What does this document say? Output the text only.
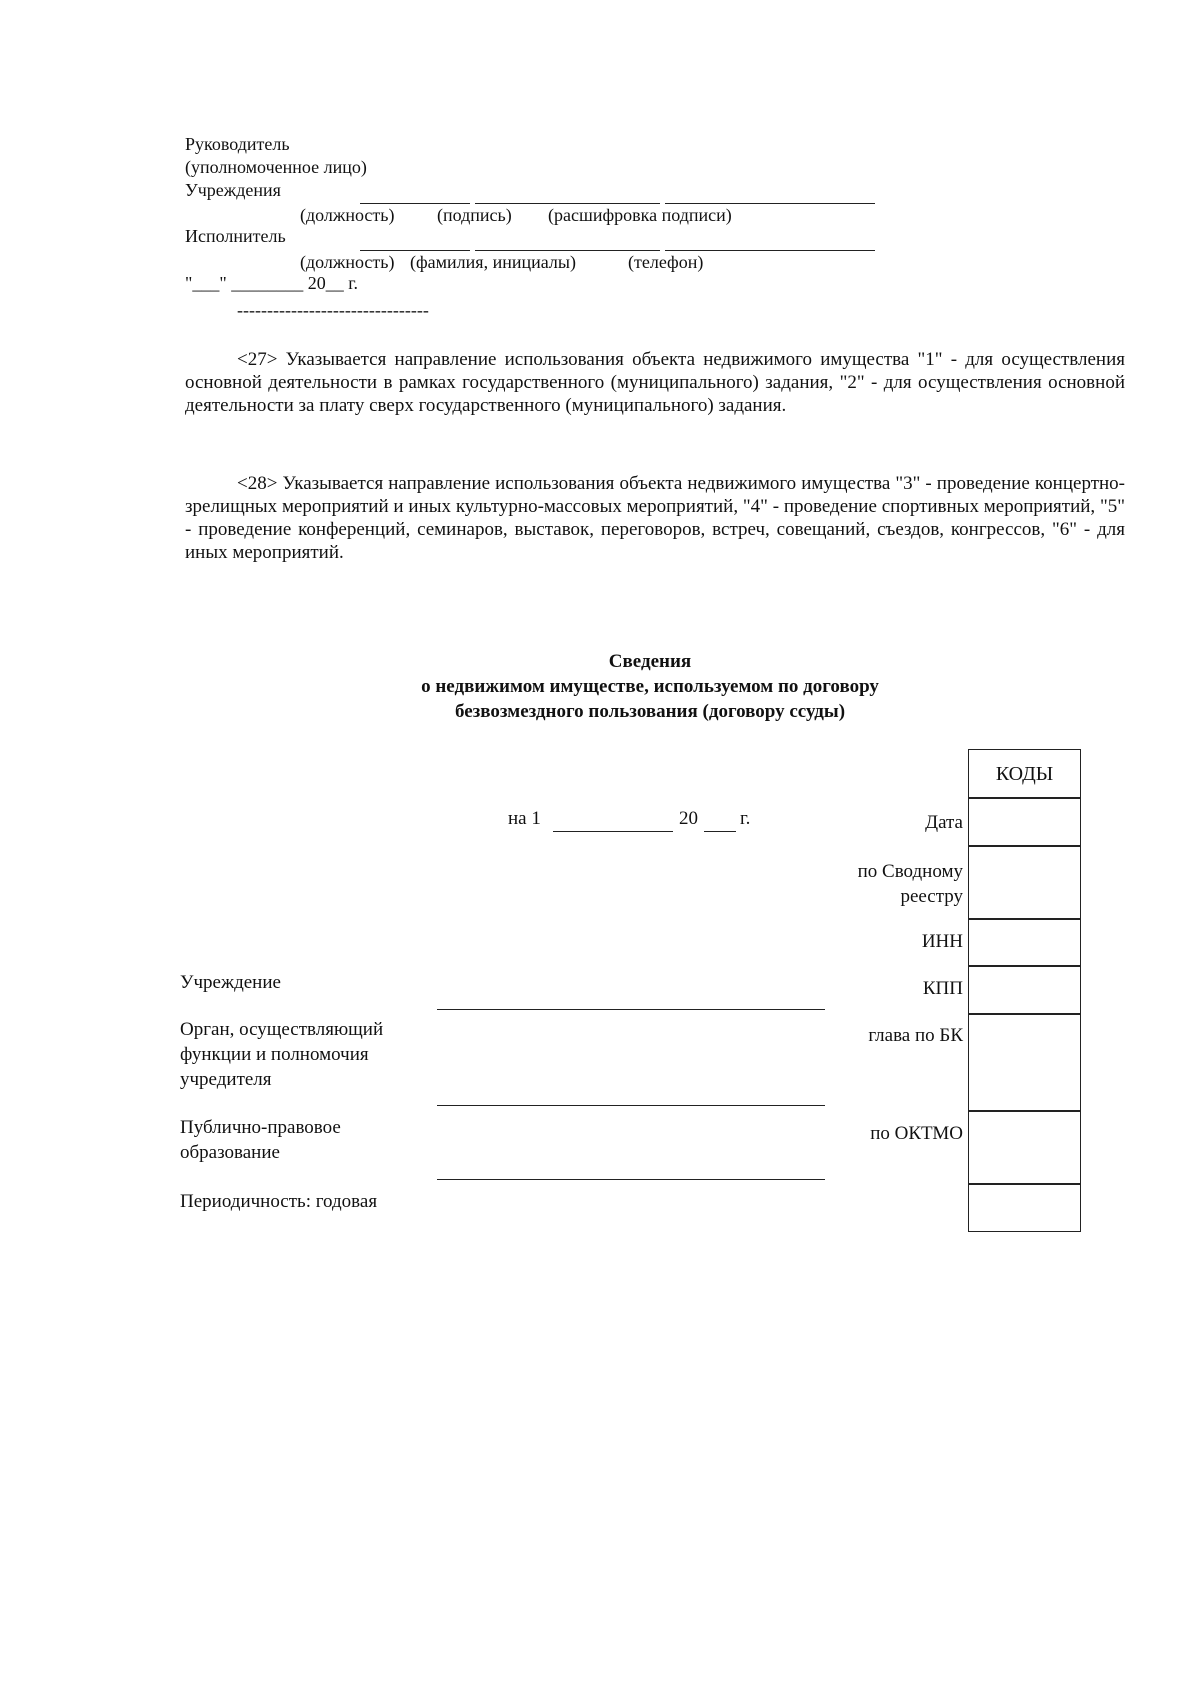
Руководитель
(уполномоченное лицо)
Учреждения
(должность) (подпись) (расшифровка подписи)
Исполнитель
(должность) (фамилия, инициалы)	(телефон)
"___" ________ 20__ г.
--------------------------------
<27> Указывается направление использования объекта недвижимого имущества "1" - для осуществления основной деятельности в рамках государственного (муниципального) задания, "2" - для осуществления основной деятельности за плату сверх государственного (муниципального) задания.
<28> Указывается направление использования объекта недвижимого имущества "3" - проведение концертно-зрелищных мероприятий и иных культурно-массовых мероприятий, "4" - проведение спортивных мероприятий, "5" - проведение конференций, семинаров, выставок, переговоров, встреч, совещаний, съездов, конгрессов, "6" - для иных мероприятий.
Сведения
о недвижимом имуществе, используемом по договору
безвозмездного пользования (договору ссуды)
на 1	20 г.
КОДЫ
Дата
по Сводному
реестру
ИНН
КПП
глава по БК
по ОКТМО
Учреждение
Орган, осуществляющий
функции и полномочия
учредителя
Публично-правовое
образование
Периодичность: годовая
